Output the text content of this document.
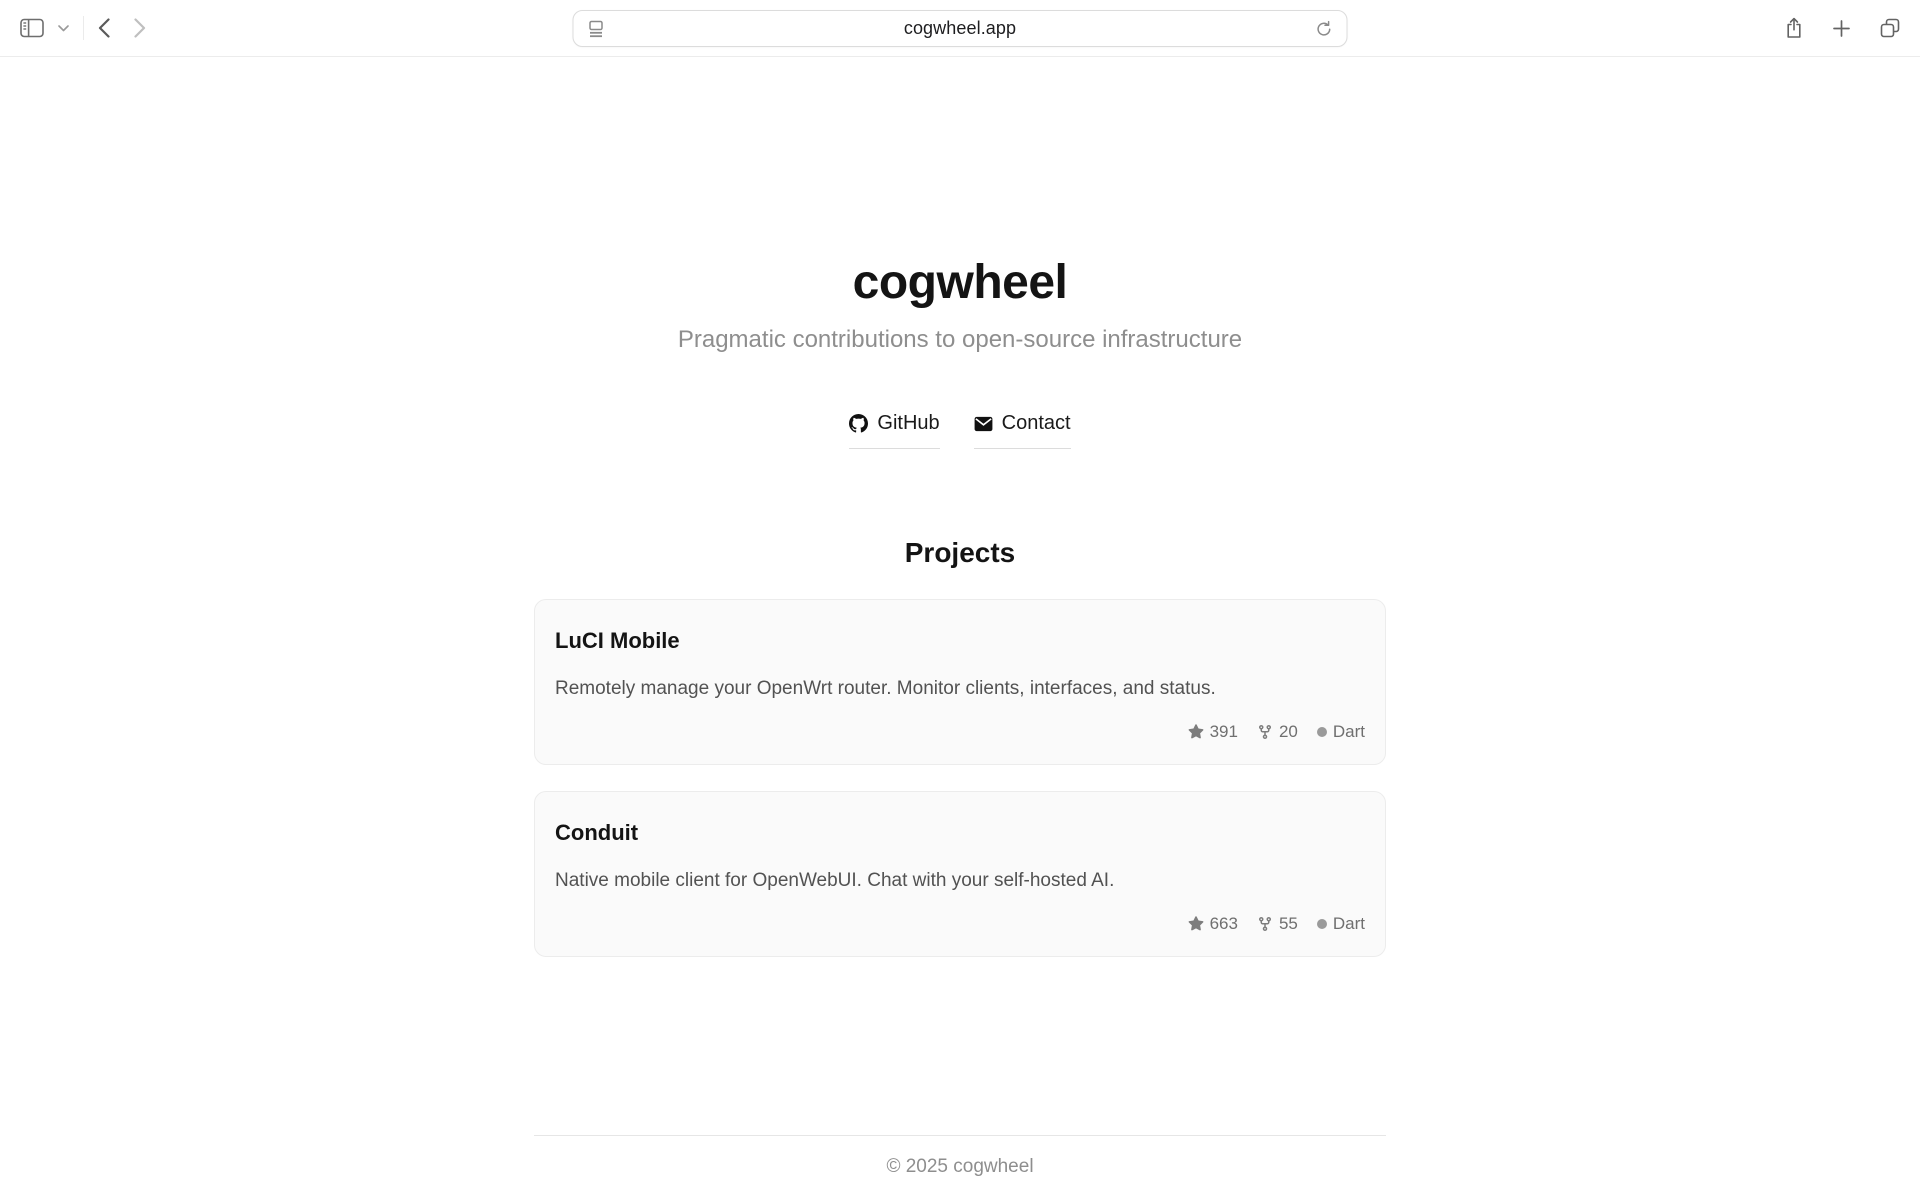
cogwheel.app
cogwheel

Pragmatic contributions to open-source infrastructure

GitHub	Contact
Projects
LuCI Mobile

Remotely manage your OpenWrt router. Monitor clients, interfaces, and status.

391 20 Dart
Conduit

Native mobile client for OpenWebUI. Chat with your self-hosted AI.

663 55 Dart
© 2025 cogwheel
